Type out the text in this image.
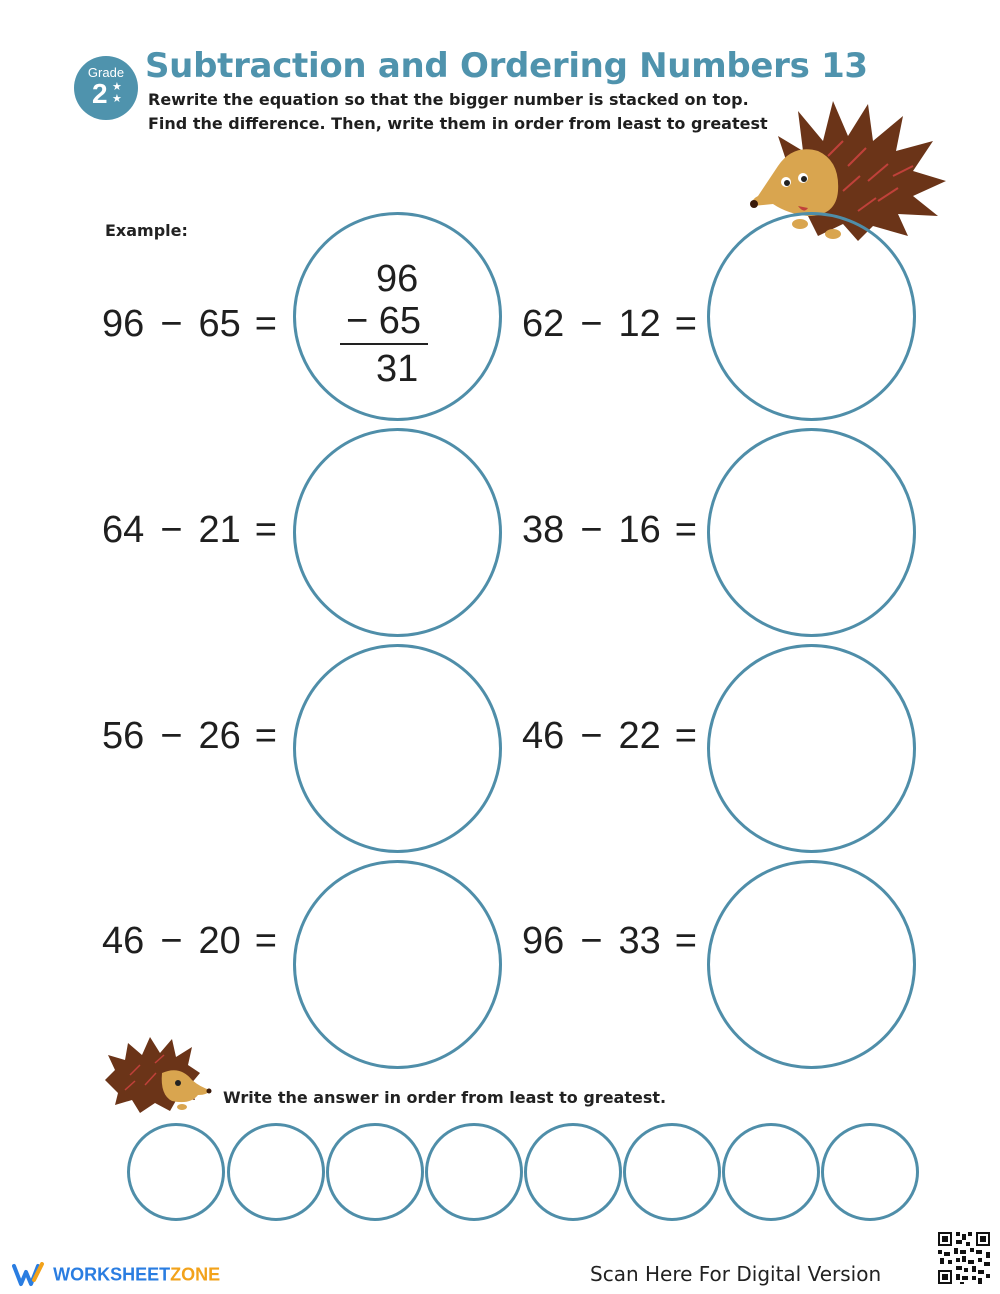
Grade
2 ★
★
Subtraction and Ordering Numbers 13
Rewrite the equation so that the bigger number is stacked on top.
Find the difference. Then, write them in order from least to greatest
Example:
96 − 65 =
96
− 65
31
62 − 12 =
64 − 21 =	38 − 16 =
56 − 26 =	46 − 22 =
46 − 20 =	96 − 33 =
Write the answer in order from least to greatest.
WORKSHEETZONE	Scan Here For Digital Version
